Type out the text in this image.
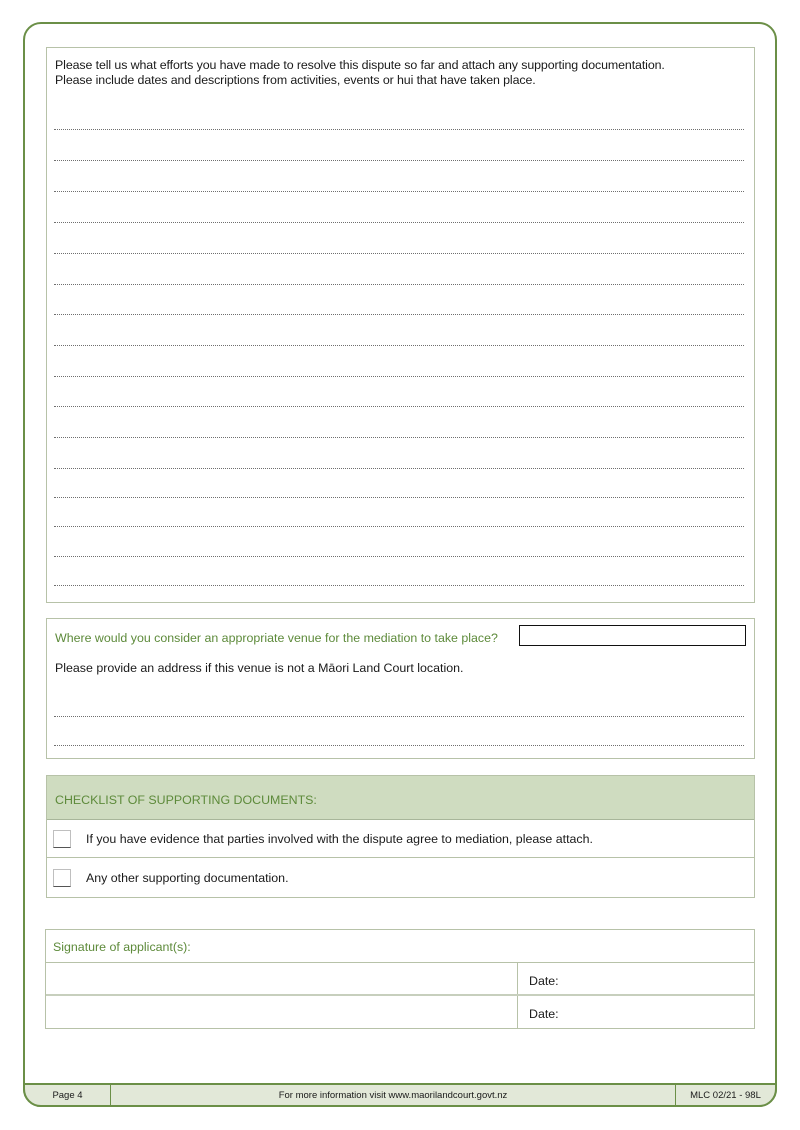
Please tell us what efforts you have made to resolve this dispute so far and attach any supporting documentation. Please include dates and descriptions from activities, events or hui that have taken place.

Where would you consider an appropriate venue for the mediation to take place?
Please provide an address if this venue is not a Māori Land Court location.
CHECKLIST OF SUPPORTING DOCUMENTS:
If you have evidence that parties involved with the dispute agree to mediation, please attach.
Any other supporting documentation.
Signature of applicant(s):
Date:
Date:
Page 4	For more information visit www.maorilandcourt.govt.nz	MLC 02/21 - 98L
